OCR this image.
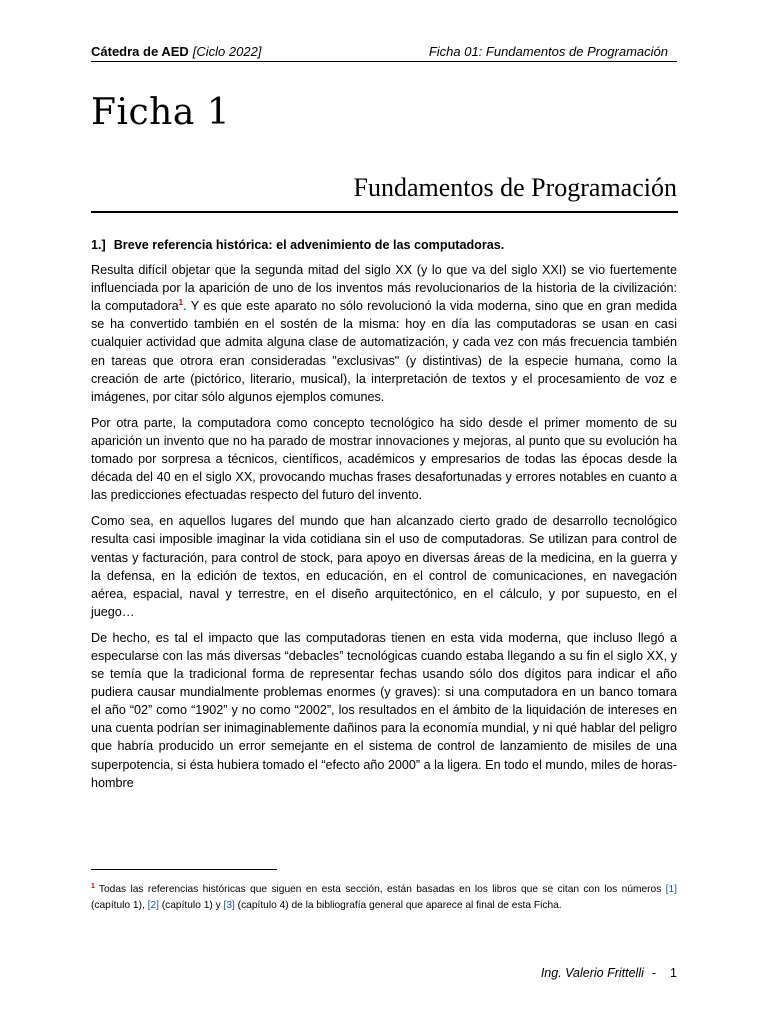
Cátedra de AED [Ciclo 2022]	Ficha 01: Fundamentos de Programación
Ficha 1
Fundamentos de Programación
1.] Breve referencia histórica: el advenimiento de las computadoras.

Resulta difícil objetar que la segunda mitad del siglo XX (y lo que va del siglo XXI) se vio fuertemente influenciada por la aparición de uno de los inventos más revolucionarios de la historia de la civilización: la computadora$^1$. Y es que este aparato no sólo revolucionó la vida moderna, sino que en gran medida se ha convertido también en el sostén de la misma: hoy en día las computadoras se usan en casi cualquier actividad que admita alguna clase de automatización, y cada vez con más frecuencia también en tareas que otrora eran consideradas "exclusivas" (y distintivas) de la especie humana, como la creación de arte (pictórico, literario, musical), la interpretación de textos y el procesamiento de voz e imágenes, por citar sólo algunos ejemplos comunes.

Por otra parte, la computadora como concepto tecnológico ha sido desde el primer momento de su aparición un invento que no ha parado de mostrar innovaciones y mejoras, al punto que su evolución ha tomado por sorpresa a técnicos, científicos, académicos y empresarios de todas las épocas desde la década del 40 en el siglo XX, provocando muchas frases desafortunadas y errores notables en cuanto a las predicciones efectuadas respecto del futuro del invento.

Como sea, en aquellos lugares del mundo que han alcanzado cierto grado de desarrollo tecnológico resulta casi imposible imaginar la vida cotidiana sin el uso de computadoras. Se utilizan para control de ventas y facturación, para control de stock, para apoyo en diversas áreas de la medicina, en la guerra y la defensa, en la edición de textos, en educación, en el control de comunicaciones, en navegación aérea, espacial, naval y terrestre, en el diseño arquitectónico, en el cálculo, y por supuesto, en el juego…

De hecho, es tal el impacto que las computadoras tienen en esta vida moderna, que incluso llegó a especularse con las más diversas “debacles” tecnológicas cuando estaba llegando a su fin el siglo XX, y se temía que la tradicional forma de representar fechas usando sólo dos dígitos para indicar el año pudiera causar mundialmente problemas enormes (y graves): si una computadora en un banco tomara el año “02” como “1902” y no como “2002”, los resultados en el ámbito de la liquidación de intereses en una cuenta podrían ser inimaginablemente dañinos para la economía mundial, y ni qué hablar del peligro que habría producido un error semejante en el sistema de control de lanzamiento de misiles de una superpotencia, si ésta hubiera tomado el “efecto año 2000” a la ligera. En todo el mundo, miles de horas-hombre

$^1$ Todas las referencias históricas que siguen en esta sección, están basadas en los libros que se citan con los números [1] (capítulo 1), [2] (capítulo 1) y [3] (capítulo 4) de la bibliografía general que aparece al final de esta Ficha.
Ing. Valerio Frittelli - 1
